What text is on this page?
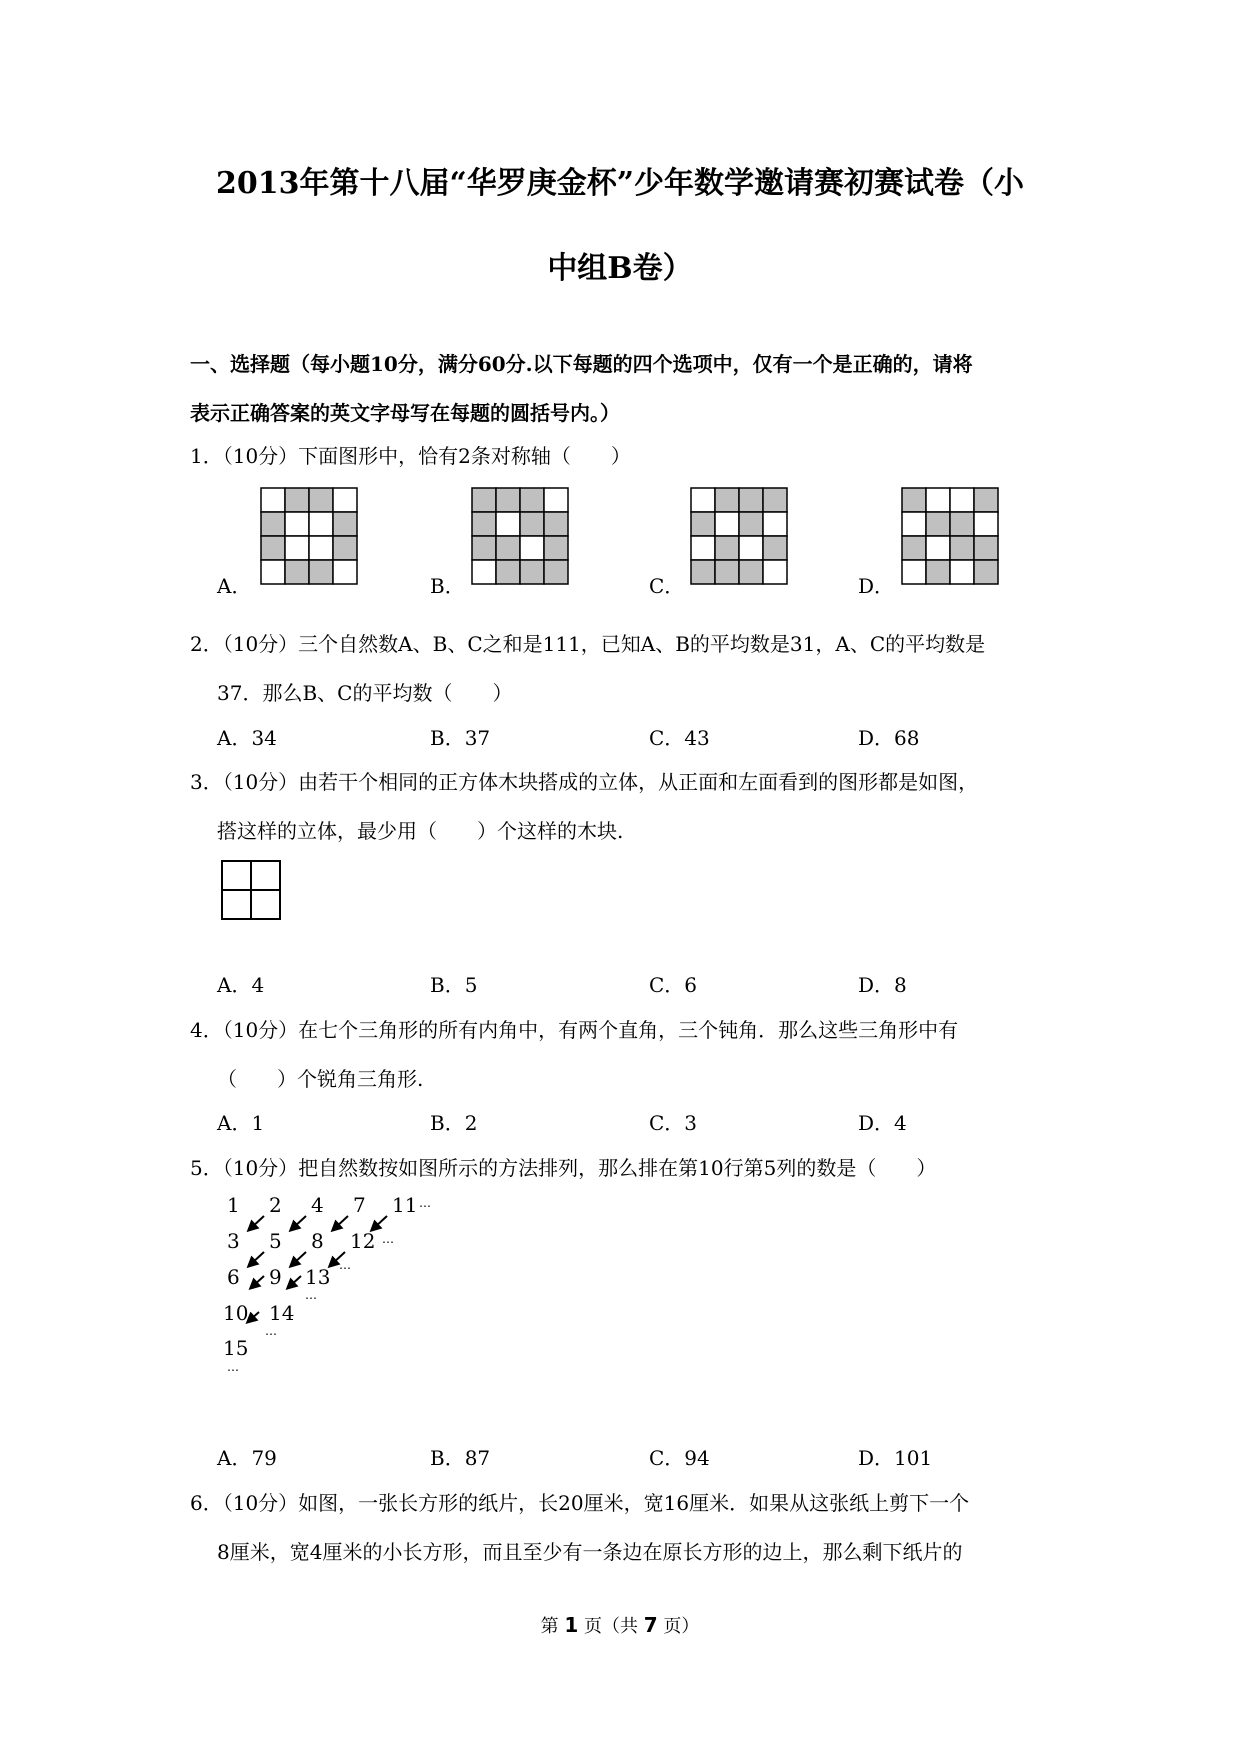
2013年第十八届“华罗庚金杯”少年数学邀请赛初赛试卷（小
中组B卷）
一、选择题（每小题10分，满分60分.以下每题的四个选项中，仅有一个是正确的，请将
表示正确答案的英文字母写在每题的圆括号内。）
1．（10分）下面图形中，恰有2条对称轴（　　）
A．	B．	C．	D．
2．（10分）三个自然数A、B、C之和是111，已知A、B的平均数是31，A、C的平均数是
37．那么B、C的平均数（　　）
A．34	B．37	C．43	D．68
3．（10分）由若干个相同的正方体木块搭成的立体，从正面和左面看到的图形都是如图，
搭这样的立体，最少用（　　）个这样的木块.
A．4	B．5	C．6	D．8
4．（10分）在七个三角形的所有内角中，有两个直角，三个钝角．那么这些三角形中有
（　　）个锐角三角形.
A．1	B．2	C．3	D．4
5．（10分）把自然数按如图所示的方法排列，那么排在第10行第5列的数是（　　）
1 2 4 7 11 ⋯
3 5 8 12 ⋯
6 9 13 ⋯
10 14
⋯
15
⋯
⋯
A．79	B．87	C．94	D．101
6．（10分）如图，一张长方形的纸片，长20厘米，宽16厘米．如果从这张纸上剪下一个
8厘米，宽4厘米的小长方形，而且至少有一条边在原长方形的边上，那么剩下纸片的
第 1 页（共 7 页）
